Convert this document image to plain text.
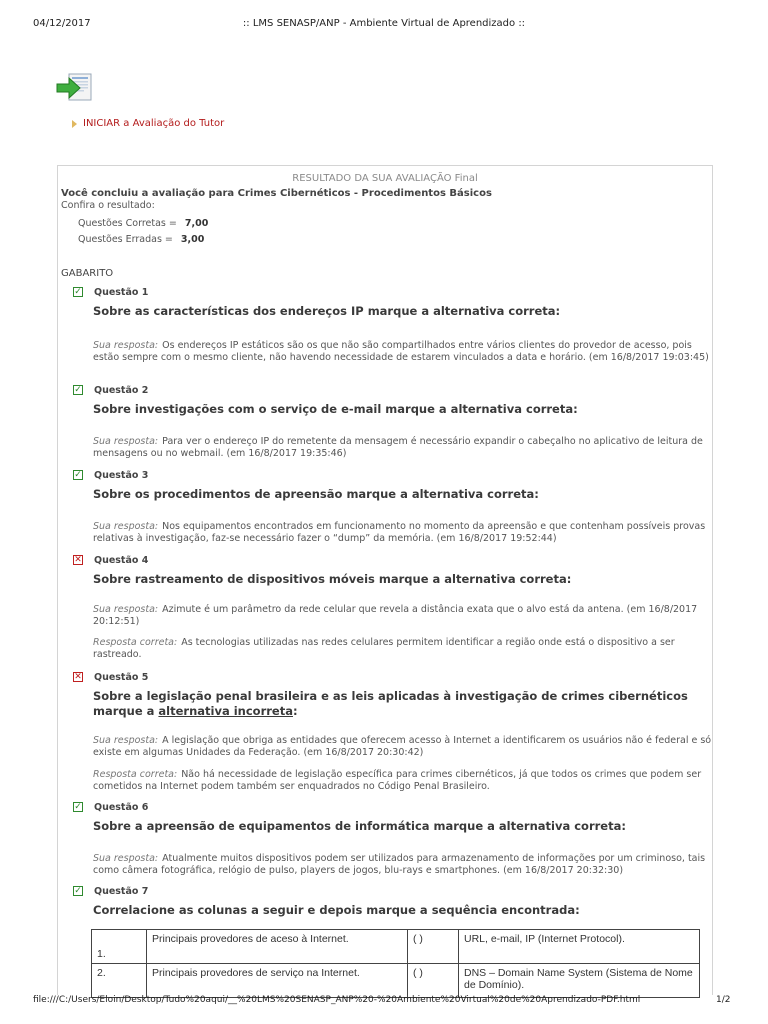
04/12/2017	:: LMS SENASP/ANP - Ambiente Virtual de Aprendizado ::
INICIAR a Avaliação do Tutor
RESULTADO DA SUA AVALIAÇÃO Final
Você concluiu a avaliação para Crimes Cibernéticos - Procedimentos Básicos
Confira o resultado:
Questões Corretas = 7,00
Questões Erradas = 3,00
GABARITO
✓ Questão 1
Sobre as características dos endereços IP marque a alternativa correta:
Sua resposta: Os endereços IP estáticos são os que não são compartilhados entre vários clientes do provedor de acesso, pois estão sempre com o mesmo cliente, não havendo necessidade de estarem vinculados a data e horário. (em 16/8/2017 19:03:45)
✓ Questão 2
Sobre investigações com o serviço de e-mail marque a alternativa correta:
Sua resposta: Para ver o endereço IP do remetente da mensagem é necessário expandir o cabeçalho no aplicativo de leitura de mensagens ou no webmail. (em 16/8/2017 19:35:46)
✓ Questão 3
Sobre os procedimentos de apreensão marque a alternativa correta:
Sua resposta: Nos equipamentos encontrados em funcionamento no momento da apreensão e que contenham possíveis provas relativas à investigação, faz-se necessário fazer o “dump” da memória. (em 16/8/2017 19:52:44)
✕ Questão 4
Sobre rastreamento de dispositivos móveis marque a alternativa correta:
Sua resposta: Azimute é um parâmetro da rede celular que revela a distância exata que o alvo está da antena. (em 16/8/2017 20:12:51)
Resposta correta: As tecnologias utilizadas nas redes celulares permitem identificar a região onde está o dispositivo a ser rastreado.
✕ Questão 5
Sobre a legislação penal brasileira e as leis aplicadas à investigação de crimes cibernéticos marque a alternativa incorreta:
Sua resposta: A legislação que obriga as entidades que oferecem acesso à Internet a identificarem os usuários não é federal e só existe em algumas Unidades da Federação. (em 16/8/2017 20:30:42)
Resposta correta: Não há necessidade de legislação específica para crimes cibernéticos, já que todos os crimes que podem ser cometidos na Internet podem também ser enquadrados no Código Penal Brasileiro.
✓ Questão 6
Sobre a apreensão de equipamentos de informática marque a alternativa correta:
Sua resposta: Atualmente muitos dispositivos podem ser utilizados para armazenamento de informações por um criminoso, tais como câmera fotográfica, relógio de pulso, players de jogos, blu-rays e smartphones. (em 16/8/2017 20:32:30)
✓ Questão 7
Correlacione as colunas a seguir e depois marque a sequência encontrada:
1.	Principais provedores de aceso à Internet.	( )	URL, e-mail, IP (Internet Protocol).
2.	Principais provedores de serviço na Internet.	( )	DNS – Domain Name System (Sistema de Nome de Domínio).
file:///C:/Users/Eloin/Desktop/Tudo%20aqui/__%20LMS%20SENASP_ANP%20-%20Ambiente%20Virtual%20de%20Aprendizado-PDF.html	1/2
